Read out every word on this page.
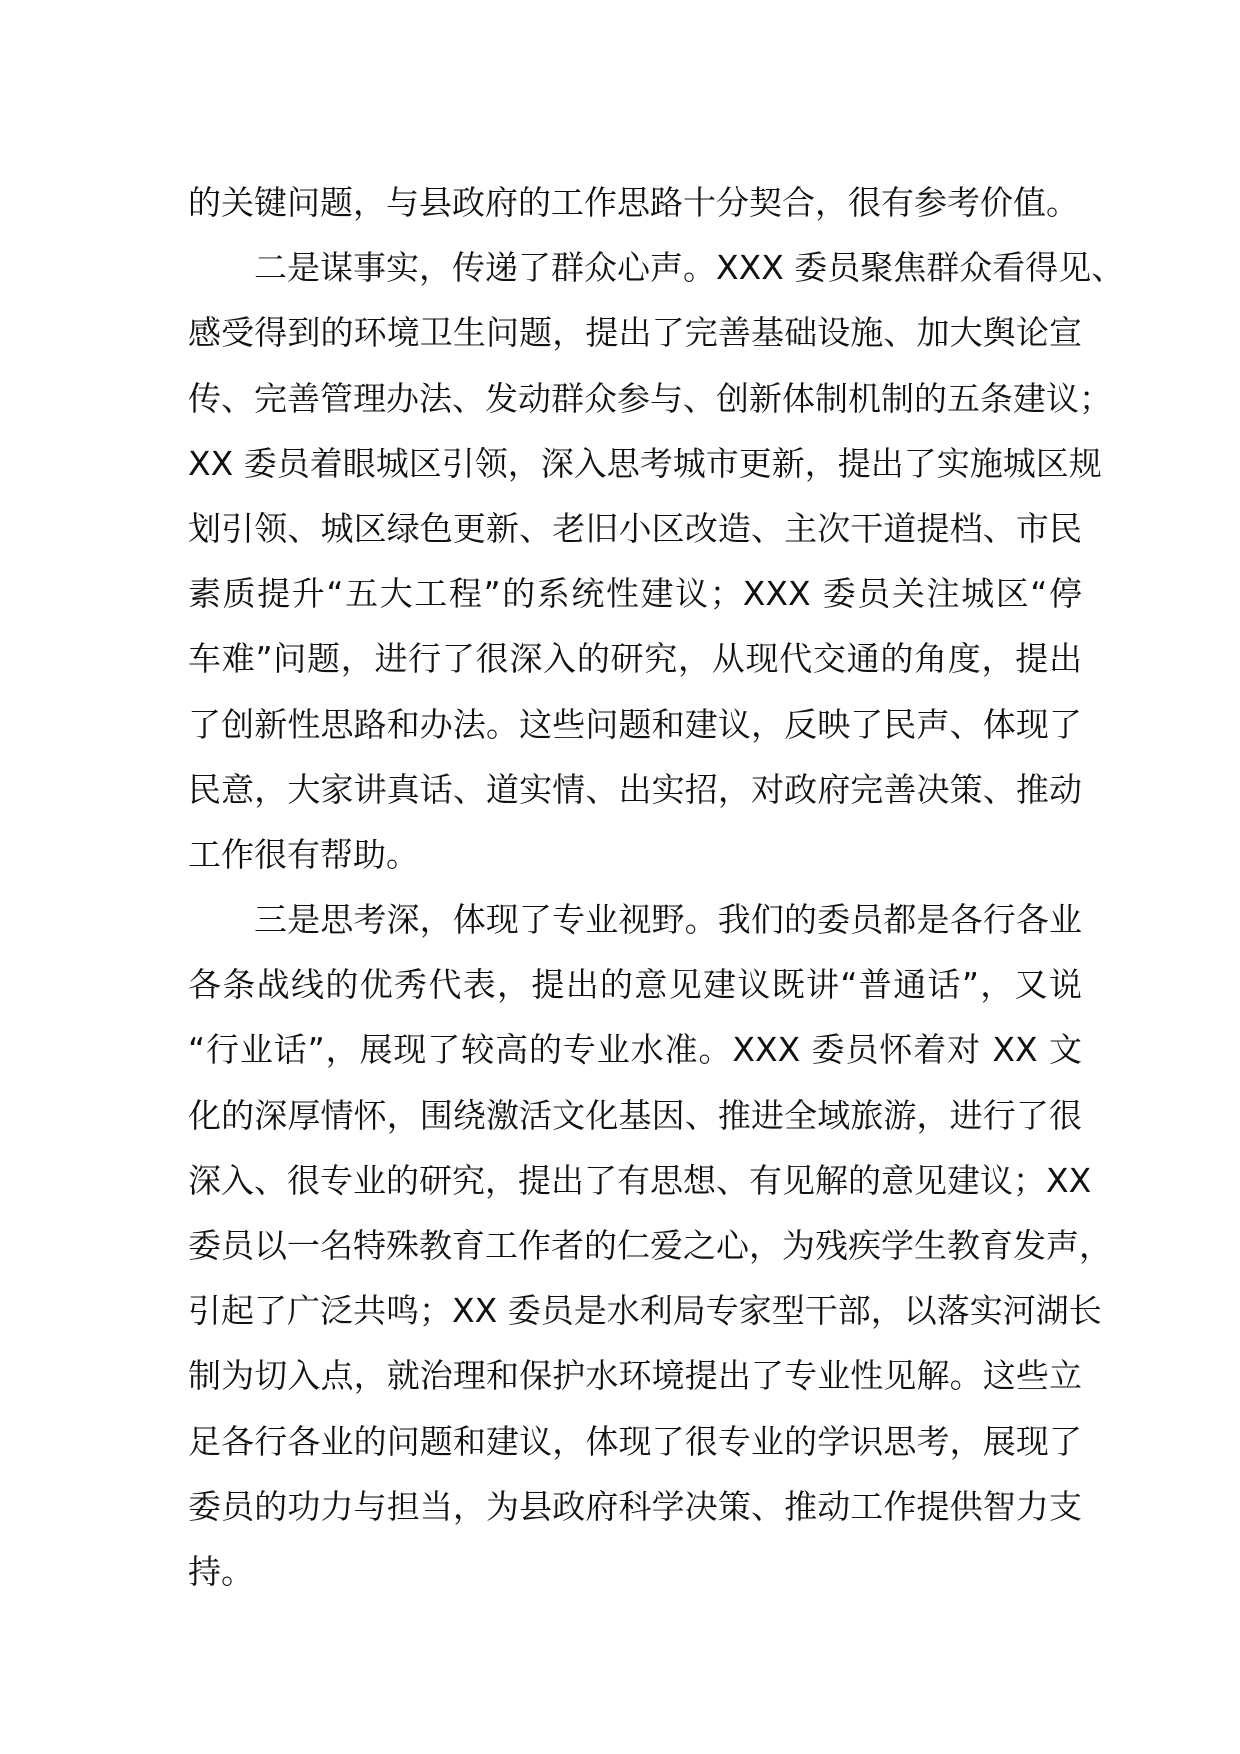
的关键问题，与县政府的工作思路十分契合，很有参考价值。
二是谋事实，传递了群众心声。XXX 委员聚焦群众看得见、
感受得到的环境卫生问题，提出了完善基础设施、加大舆论宣
传、完善管理办法、发动群众参与、创新体制机制的五条建议；
XX 委员着眼城区引领，深入思考城市更新，提出了实施城区规
划引领、城区绿色更新、老旧小区改造、主次干道提档、市民
素质提升“五大工程”的系统性建议；XXX 委员关注城区“停
车难”问题，进行了很深入的研究，从现代交通的角度，提出
了创新性思路和办法。这些问题和建议，反映了民声、体现了
民意，大家讲真话、道实情、出实招，对政府完善决策、推动
工作很有帮助。
三是思考深，体现了专业视野。我们的委员都是各行各业
各条战线的优秀代表，提出的意见建议既讲“普通话”，又说
“行业话”，展现了较高的专业水准。XXX 委员怀着对 XX 文
化的深厚情怀，围绕激活文化基因、推进全域旅游，进行了很
深入、很专业的研究，提出了有思想、有见解的意见建议；XX
委员以一名特殊教育工作者的仁爱之心，为残疾学生教育发声，
引起了广泛共鸣；XX 委员是水利局专家型干部，以落实河湖长
制为切入点，就治理和保护水环境提出了专业性见解。这些立
足各行各业的问题和建议，体现了很专业的学识思考，展现了
委员的功力与担当，为县政府科学决策、推动工作提供智力支
持。
